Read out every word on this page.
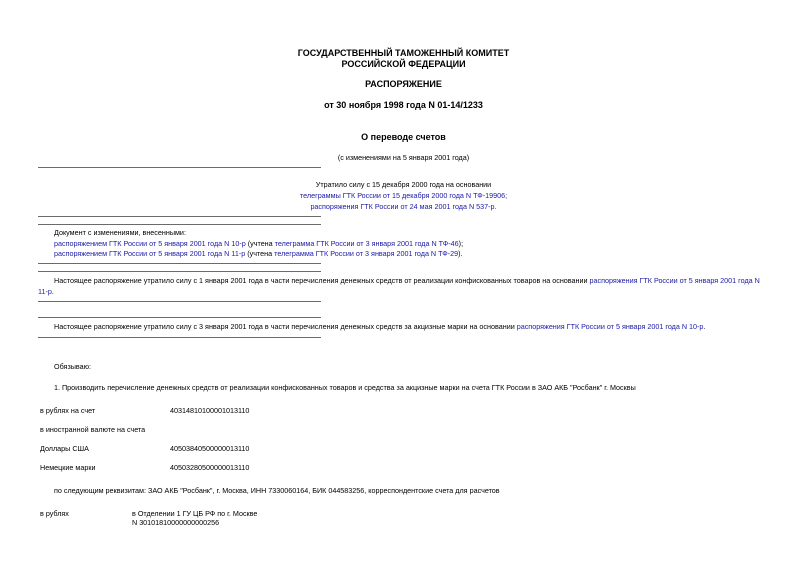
ГОСУДАРСТВЕННЫЙ ТАМОЖЕННЫЙ КОМИТЕТ
РОССИЙСКОЙ ФЕДЕРАЦИИ
РАСПОРЯЖЕНИЕ
от 30 ноября 1998 года N 01-14/1233
О переводе счетов
(с изменениями на 5 января 2001 года)
Утратило силу с 15 декабря 2000 года на основании
телеграммы ГТК России от 15 декабря 2000 года N ТФ-19906;
распоряжения ГТК России от 24 мая 2001 года N 537-р.
Документ с изменениями, внесенными:
распоряжением ГТК России от 5 января 2001 года N 10-р (учтена телеграмма ГТК России от 3 января 2001 года N ТФ-46);
распоряжением ГТК России от 5 января 2001 года N 11-р (учтена телеграмма ГТК России от 3 января 2001 года N ТФ-29).
Настоящее распоряжение утратило силу с 1 января 2001 года в части перечисления денежных средств от реализации конфискованных товаров на основании распоряжения ГТК России от 5 января 2001 года N
11-р.
Настоящее распоряжение утратило силу с 3 января 2001 года в части перечисления денежных средств за акцизные марки на основании распоряжения ГТК России от 5 января 2001 года N 10-р.
Обязываю:
1. Производить перечисление денежных средств от реализации конфискованных товаров и средства за акцизные марки на счета ГТК России в ЗАО АКБ "Росбанк" г. Москвы
в рублях на счет	40314810100001013110
в иностранной валюте на счета
Доллары США	40503840500000013110
Немецкие марки	40503280500000013110
по следующим реквизитам: ЗАО АКБ "Росбанк", г. Москва, ИНН 7330060164, БИК 044583256, корреспондентские счета для расчетов
в рублях	в Отделении 1 ГУ ЦБ РФ по г. Москве
N 30101810000000000256
